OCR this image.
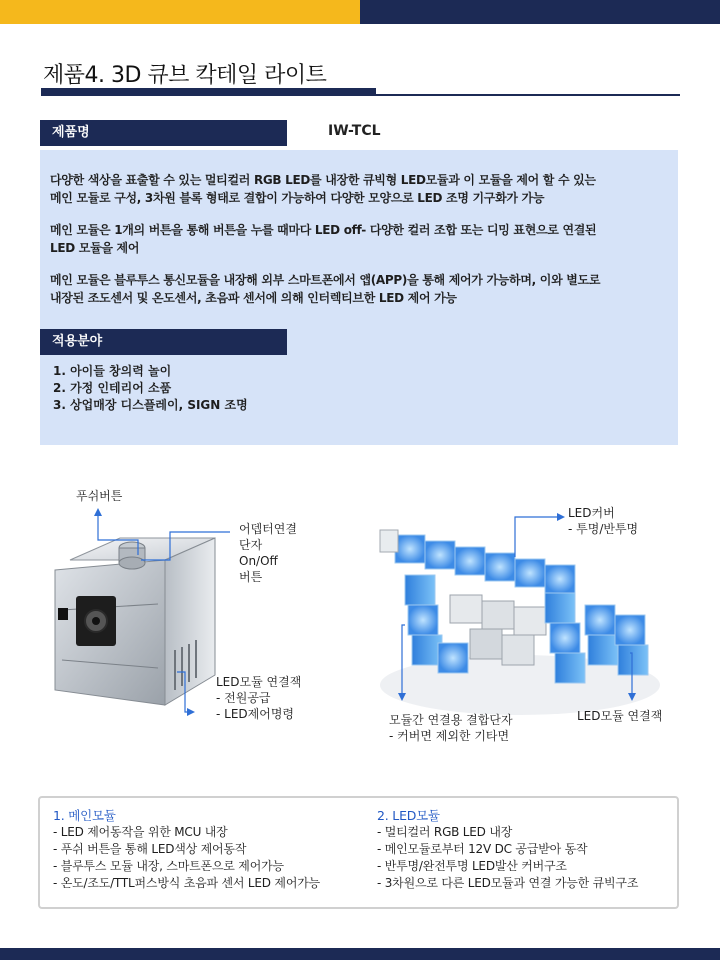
제품4. 3D 큐브 칵테일 라이트
제품명	IW-TCL
다양한 색상을 표출할 수 있는 멀티컬러 RGB LED를 내장한 큐빅형 LED모듈과 이 모듈을 제어 할 수 있는
메인 모듈로 구성, 3차원 블록 형태로 결합이 가능하여 다양한 모양으로 LED 조명 기구화가 가능
메인 모듈은 1개의 버튼을 통해 버튼을 누를 때마다 LED off- 다양한 컬러 조합 또는 디밍 표현으로 연결된
LED 모듈을 제어
메인 모듈은 블루투스 통신모듈을 내장해 외부 스마트폰에서 앱(APP)을 통해 제어가 가능하며, 이와 별도로
내장된 조도센서 및 온도센서, 초음파 센서에 의해 인터렉티브한 LED 제어 가능
적용분야
1. 아이들 창의력 놀이
2. 가정 인테리어 소품
3. 상업매장 디스플레이, SIGN 조명
푸쉬버튼
어뎁터연결
단자
On/Off
버튼
LED모듈 연결잭
- 전원공급
- LED제어명령
LED커버
- 투명/반투명
모듈간 연결용 결합단자
- 커버면 제외한 기타면
LED모듈 연결잭
1. 메인모듈
- LED 제어동작을 위한 MCU 내장
- 푸쉬 버튼을 통해 LED색상 제어동작
- 블루투스 모듈 내장, 스마트폰으로 제어가능
- 온도/조도/TTL퍼스방식 초음파 센서 LED 제어가능
2. LED모듈
- 멀티컬러 RGB LED 내장
- 메인모듈로부터 12V DC 공급받아 동작
- 반투명/완전투명 LED발산 커버구조
- 3차원으로 다른 LED모듈과 연결 가능한 큐빅구조
